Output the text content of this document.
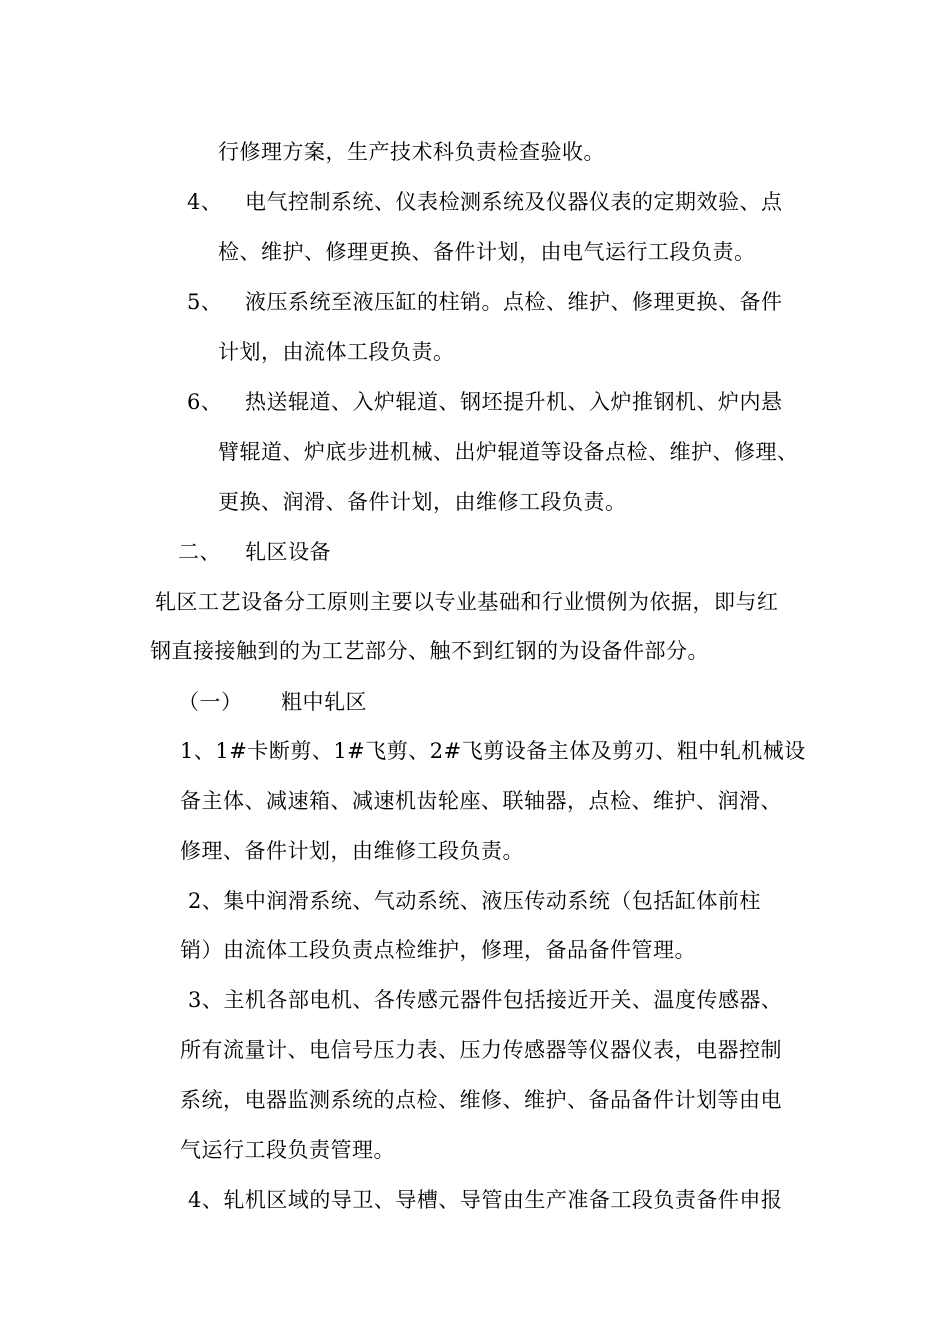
行修理方案，生产技术科负责检查验收。
4、 电气控制系统、仪表检测系统及仪器仪表的定期效验、点
检、维护、修理更换、备件计划，由电气运行工段负责。
5、 液压系统至液压缸的柱销。点检、维护、修理更换、备件
计划，由流体工段负责。
6、 热送辊道、入炉辊道、钢坯提升机、入炉推钢机、炉内悬
臂辊道、炉底步进机械、出炉辊道等设备点检、维护、修理、
更换、润滑、备件计划，由维修工段负责。
二、 轧区设备
轧区工艺设备分工原则主要以专业基础和行业惯例为依据，即与红
钢直接接触到的为工艺部分、触不到红钢的为设备件部分。
（一） 粗中轧区
1、1#卡断剪、1#飞剪、2#飞剪设备主体及剪刃、粗中轧机械设
备主体、减速箱、减速机齿轮座、联轴器，点检、维护、润滑、
修理、备件计划，由维修工段负责。
2、集中润滑系统、气动系统、液压传动系统（包括缸体前柱
销）由流体工段负责点检维护，修理，备品备件管理。
3、主机各部电机、各传感元器件包括接近开关、温度传感器、
所有流量计、电信号压力表、压力传感器等仪器仪表，电器控制
系统，电器监测系统的点检、维修、维护、备品备件计划等由电
气运行工段负责管理。
4、轧机区域的导卫、导槽、导管由生产准备工段负责备件申报
